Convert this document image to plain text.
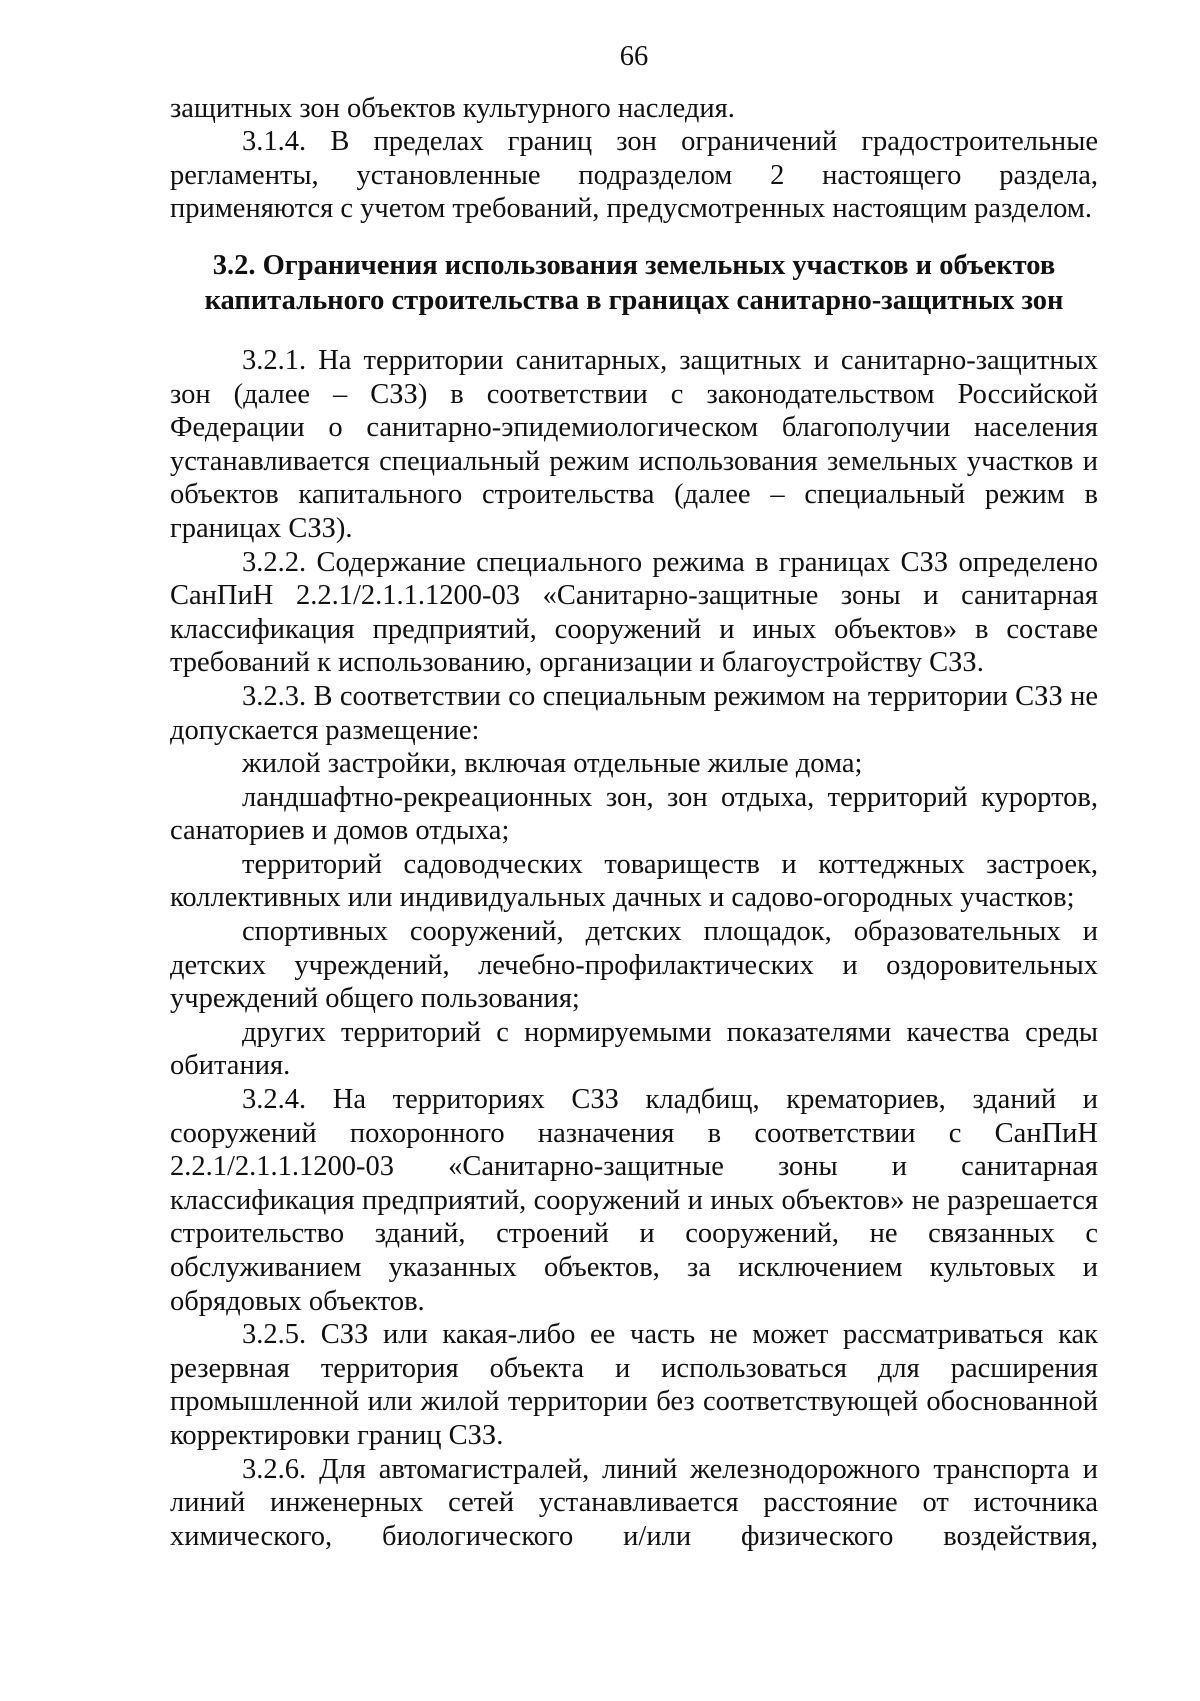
66

защитных зон объектов культурного наследия.

3.1.4. В пределах границ зон ограничений градостроительные регламенты, установленные подразделом 2 настоящего раздела, применяются с учетом требований, предусмотренных настоящим разделом.

3.2. Ограничения использования земельных участков и объектов
капитального строительства в границах санитарно-защитных зон

3.2.1. На территории санитарных, защитных и санитарно-защитных зон (далее – СЗЗ) в соответствии с законодательством Российской Федерации о санитарно-эпидемиологическом благополучии населения устанавливается специальный режим использования земельных участков и объектов капитального строительства (далее – специальный режим в границах СЗЗ).

3.2.2. Содержание специального режима в границах СЗЗ определено СанПиН 2.2.1/2.1.1.1200-03 «Санитарно-защитные зоны и санитарная классификация предприятий, сооружений и иных объектов» в составе требований к использованию, организации и благоустройству СЗЗ.

3.2.3. В соответствии со специальным режимом на территории СЗЗ не допускается размещение:

жилой застройки, включая отдельные жилые дома;

ландшафтно-рекреационных зон, зон отдыха, территорий курортов, санаториев и домов отдыха;

территорий садоводческих товариществ и коттеджных застроек, коллективных или индивидуальных дачных и садово-огородных участков;

спортивных сооружений, детских площадок, образовательных и детских учреждений, лечебно-профилактических и оздоровительных учреждений общего пользования;

других территорий с нормируемыми показателями качества среды обитания.

3.2.4. На территориях СЗЗ кладбищ, крематориев, зданий и сооружений похоронного назначения в соответствии с СанПиН 2.2.1/2.1.1.1200-03 «Санитарно-защитные зоны и санитарная классификация предприятий, сооружений и иных объектов» не разрешается строительство зданий, строений и сооружений, не связанных с обслуживанием указанных объектов, за исключением культовых и обрядовых объектов.

3.2.5. СЗЗ или какая-либо ее часть не может рассматриваться как резервная территория объекта и использоваться для расширения промышленной или жилой территории без соответствующей обоснованной корректировки границ СЗЗ.

3.2.6. Для автомагистралей, линий железнодорожного транспорта и линий инженерных сетей устанавливается расстояние от источника химического, биологического и/или физического воздействия,
